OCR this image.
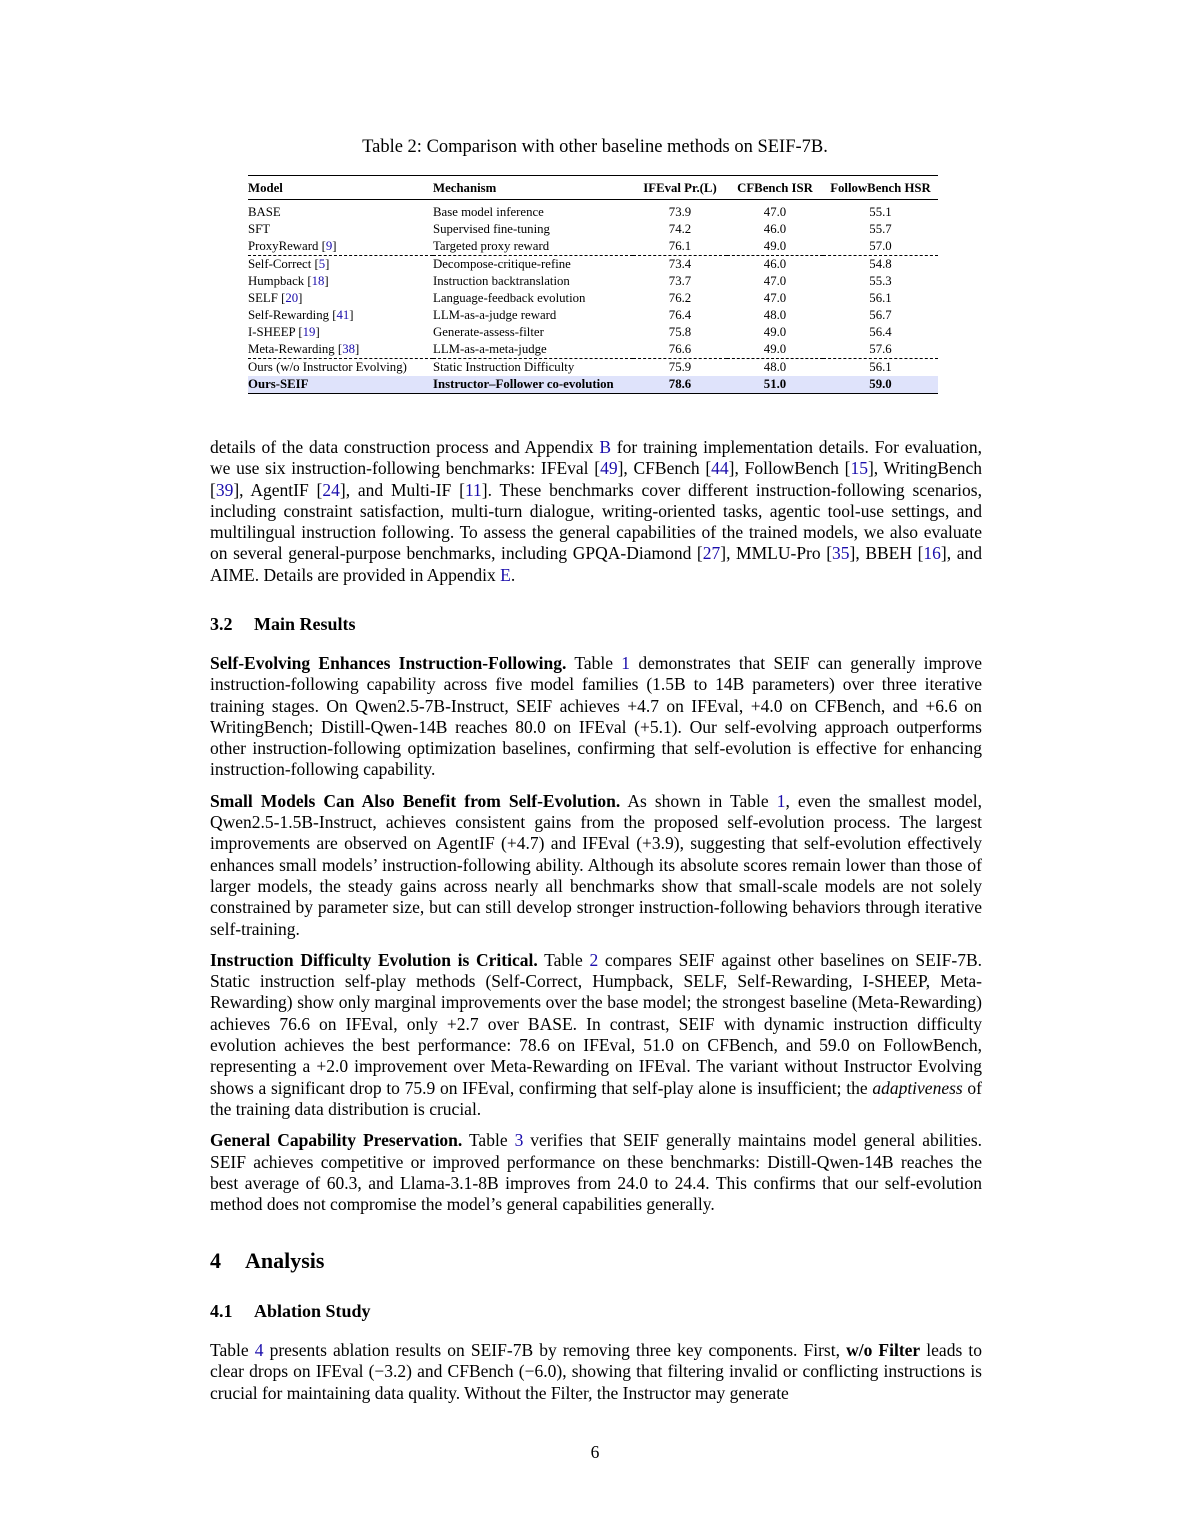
Table 2: Comparison with other baseline methods on SEIF-7B.
Model	Mechanism	IFEval Pr.(L)	CFBench ISR	FollowBench HSR
BASE	Base model inference	73.9	47.0	55.1
SFT	Supervised fine-tuning	74.2	46.0	55.7
ProxyReward [9]	Targeted proxy reward	76.1	49.0	57.0
Self-Correct [5]	Decompose-critique-refine	73.4	46.0	54.8
Humpback [18]	Instruction backtranslation	73.7	47.0	55.3
SELF [20]	Language-feedback evolution	76.2	47.0	56.1
Self-Rewarding [41]	LLM-as-a-judge reward	76.4	48.0	56.7
I-SHEEP [19]	Generate-assess-filter	75.8	49.0	56.4
Meta-Rewarding [38]	LLM-as-a-meta-judge	76.6	49.0	57.6
Ours (w/o Instructor Evolving)	Static Instruction Difficulty	75.9	48.0	56.1
Ours-SEIF	Instructor–Follower co-evolution	78.6	51.0	59.0

details of the data construction process and Appendix B for training implementation details. For evaluation, we use six instruction-following benchmarks: IFEval [49], CFBench [44], FollowBench [15], WritingBench [39], AgentIF [24], and Multi-IF [11]. These benchmarks cover different instruction-following scenarios, including constraint satisfaction, multi-turn dialogue, writing-oriented tasks, agentic tool-use settings, and multilingual instruction following. To assess the general capabilities of the trained models, we also evaluate on several general-purpose benchmarks, including GPQA-Diamond [27], MMLU-Pro [35], BBEH [16], and AIME. Details are provided in Appendix E.

3.2 Main Results

Self-Evolving Enhances Instruction-Following. Table 1 demonstrates that SEIF can generally improve instruction-following capability across five model families (1.5B to 14B parameters) over three iterative training stages. On Qwen2.5-7B-Instruct, SEIF achieves +4.7 on IFEval, +4.0 on CFBench, and +6.6 on WritingBench; Distill-Qwen-14B reaches 80.0 on IFEval (+5.1). Our self-evolving approach outperforms other instruction-following optimization baselines, confirming that self-evolution is effective for enhancing instruction-following capability.

Small Models Can Also Benefit from Self-Evolution. As shown in Table 1, even the smallest model, Qwen2.5-1.5B-Instruct, achieves consistent gains from the proposed self-evolution process. The largest improvements are observed on AgentIF (+4.7) and IFEval (+3.9), suggesting that self-evolution effectively enhances small models’ instruction-following ability. Although its absolute scores remain lower than those of larger models, the steady gains across nearly all benchmarks show that small-scale models are not solely constrained by parameter size, but can still develop stronger instruction-following behaviors through iterative self-training.

Instruction Difficulty Evolution is Critical. Table 2 compares SEIF against other baselines on SEIF-7B. Static instruction self-play methods (Self-Correct, Humpback, SELF, Self-Rewarding, I-SHEEP, Meta-Rewarding) show only marginal improvements over the base model; the strongest baseline (Meta-Rewarding) achieves 76.6 on IFEval, only +2.7 over BASE. In contrast, SEIF with dynamic instruction difficulty evolution achieves the best performance: 78.6 on IFEval, 51.0 on CFBench, and 59.0 on FollowBench, representing a +2.0 improvement over Meta-Rewarding on IFEval. The variant without Instructor Evolving shows a significant drop to 75.9 on IFEval, confirming that self-play alone is insufficient; the adaptiveness of the training data distribution is crucial.

General Capability Preservation. Table 3 verifies that SEIF generally maintains model general abilities. SEIF achieves competitive or improved performance on these benchmarks: Distill-Qwen-14B reaches the best average of 60.3, and Llama-3.1-8B improves from 24.0 to 24.4. This confirms that our self-evolution method does not compromise the model’s general capabilities generally.

4 Analysis
4.1 Ablation Study

Table 4 presents ablation results on SEIF-7B by removing three key components. First, w/o Filter leads to clear drops on IFEval (−3.2) and CFBench (−6.0), showing that filtering invalid or conflicting instructions is crucial for maintaining data quality. Without the Filter, the Instructor may generate

6
